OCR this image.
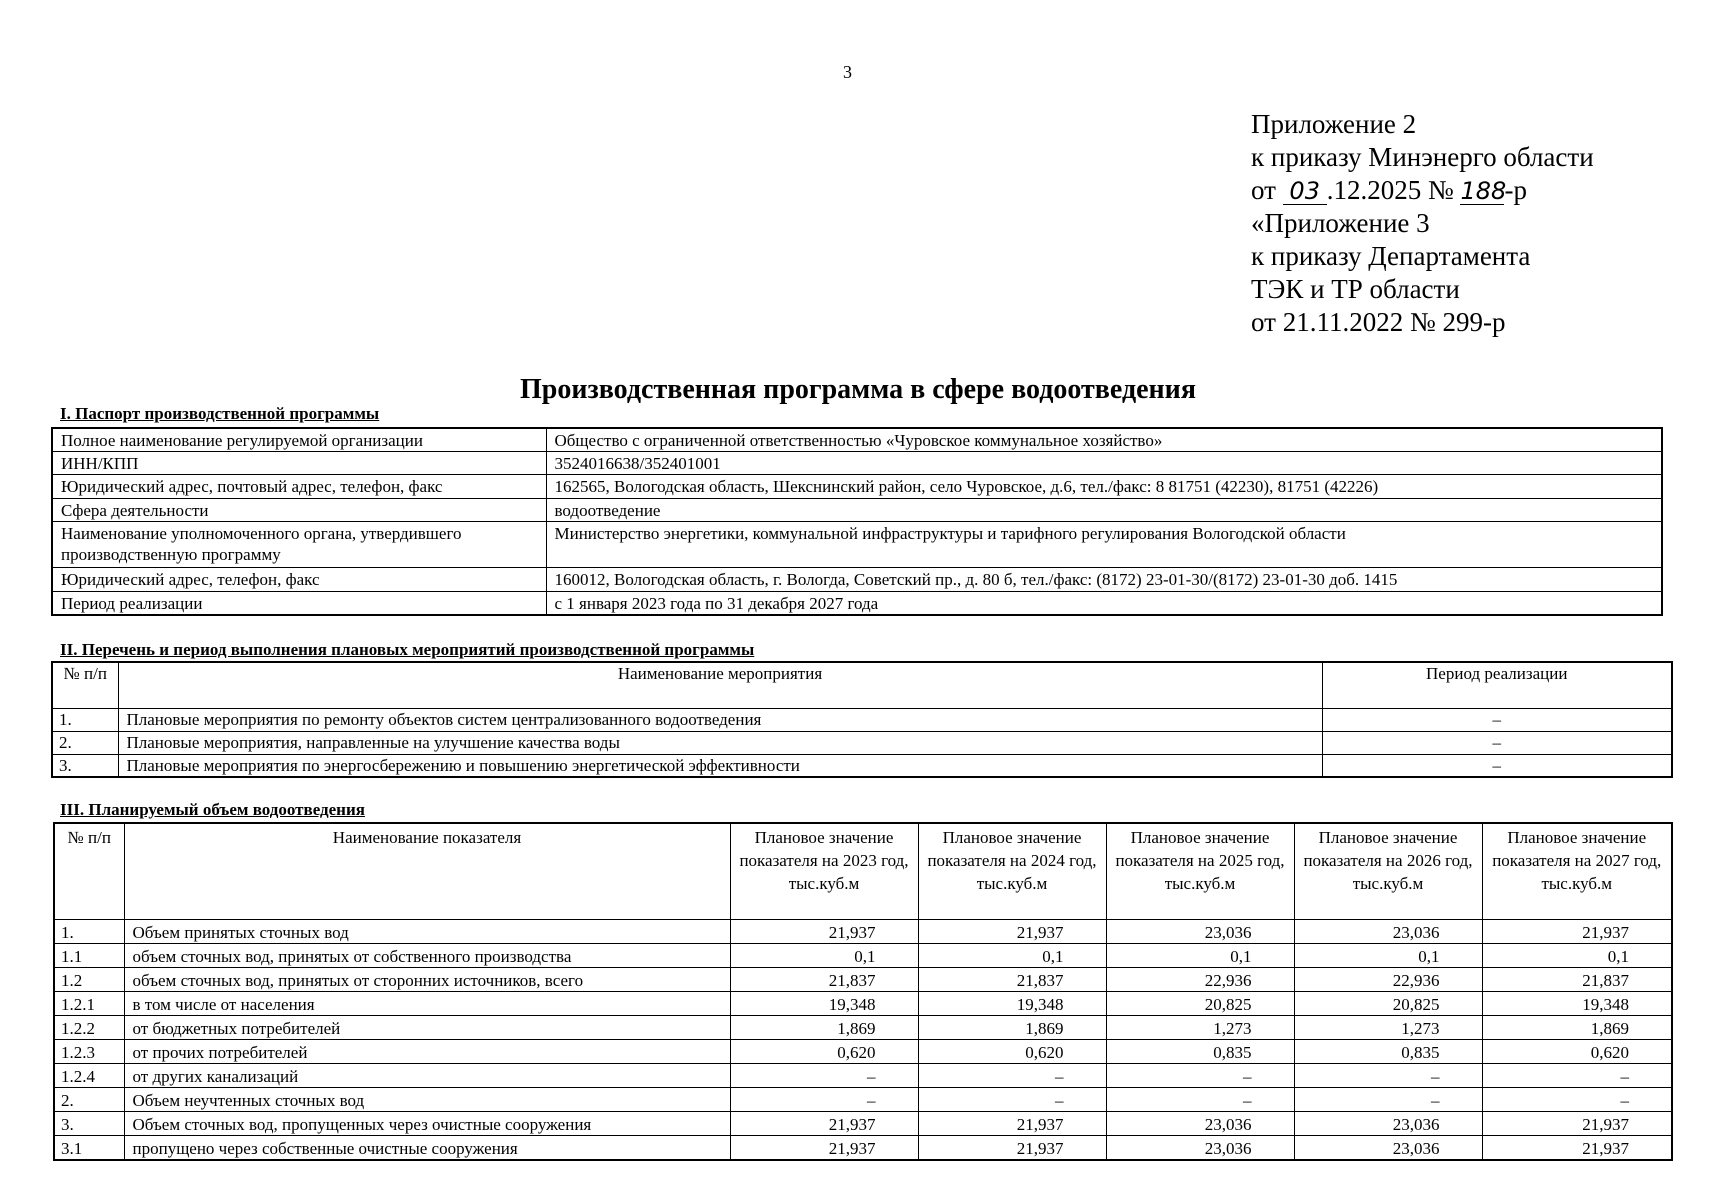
3
Приложение 2
к приказу Минэнерго области
от 03 .12.2025 № 188-р
«Приложение 3
к приказу Департамента
ТЭК и ТР области
от 21.11.2022 № 299-р
Производственная программа в сфере водоотведения
I. Паспорт производственной программы
Полное наименование регулируемой организации	Общество с ограниченной ответственностью «Чуровское коммунальное хозяйство»
ИНН/КПП	3524016638/352401001
Юридический адрес, почтовый адрес, телефон, факс	162565, Вологодская область, Шекснинский район, село Чуровское, д.6, тел./факс: 8 81751 (42230), 81751 (42226)
Сфера деятельности	водоотведение
Наименование уполномоченного органа, утвердившего производственную программу	Министерство энергетики, коммунальной инфраструктуры и тарифного регулирования Вологодской области
Юридический адрес, телефон, факс	160012, Вологодская область, г. Вологда, Советский пр., д. 80 б, тел./факс: (8172) 23-01-30/(8172) 23-01-30 доб. 1415
Период реализации	с 1 января 2023 года по 31 декабря 2027 года
II. Перечень и период выполнения плановых мероприятий производственной программы
№ п/п	Наименование мероприятия	Период реализации
1.	Плановые мероприятия по ремонту объектов систем централизованного водоотведения	–
2.	Плановые мероприятия, направленные на улучшение качества воды	–
3.	Плановые мероприятия по энергосбережению и повышению энергетической эффективности	–
III. Планируемый объем водоотведения
№ п/п	Наименование показателя	Плановое значение показателя на 2023 год, тыс.куб.м	Плановое значение показателя на 2024 год, тыс.куб.м	Плановое значение показателя на 2025 год, тыс.куб.м	Плановое значение показателя на 2026 год, тыс.куб.м	Плановое значение показателя на 2027 год, тыс.куб.м
1.	Объем принятых сточных вод	21,937	21,937	23,036	23,036	21,937
1.1	объем сточных вод, принятых от собственного производства	0,1	0,1	0,1	0,1	0,1
1.2	объем сточных вод, принятых от сторонних источников, всего	21,837	21,837	22,936	22,936	21,837
1.2.1	в том числе от населения	19,348	19,348	20,825	20,825	19,348
1.2.2	от бюджетных потребителей	1,869	1,869	1,273	1,273	1,869
1.2.3	от прочих потребителей	0,620	0,620	0,835	0,835	0,620
1.2.4	от других канализаций	–	–	–	–	–
2.	Объем неучтенных сточных вод	–	–	–	–	–
3.	Объем сточных вод, пропущенных через очистные сооружения	21,937	21,937	23,036	23,036	21,937
3.1	пропущено через собственные очистные сооружения	21,937	21,937	23,036	23,036	21,937
